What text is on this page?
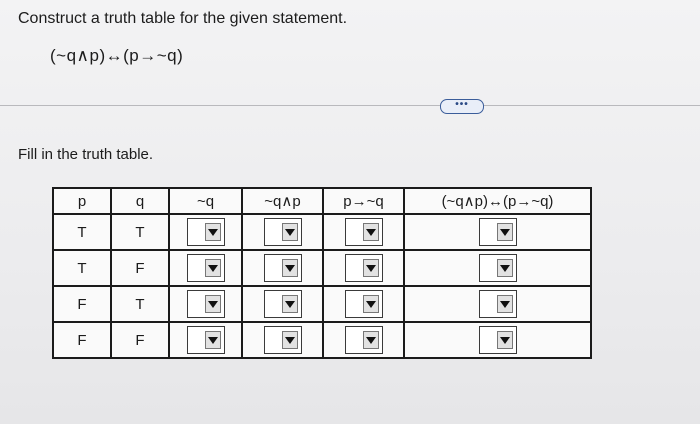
Construct a truth table for the given statement.
(~q∧p)↔(p→~q)
•••
Fill in the truth table.
p	q	~q	~q∧p	p→~q	(~q∧p)↔(p→~q)
T	T	

T	F	

F	T	

F	F	
